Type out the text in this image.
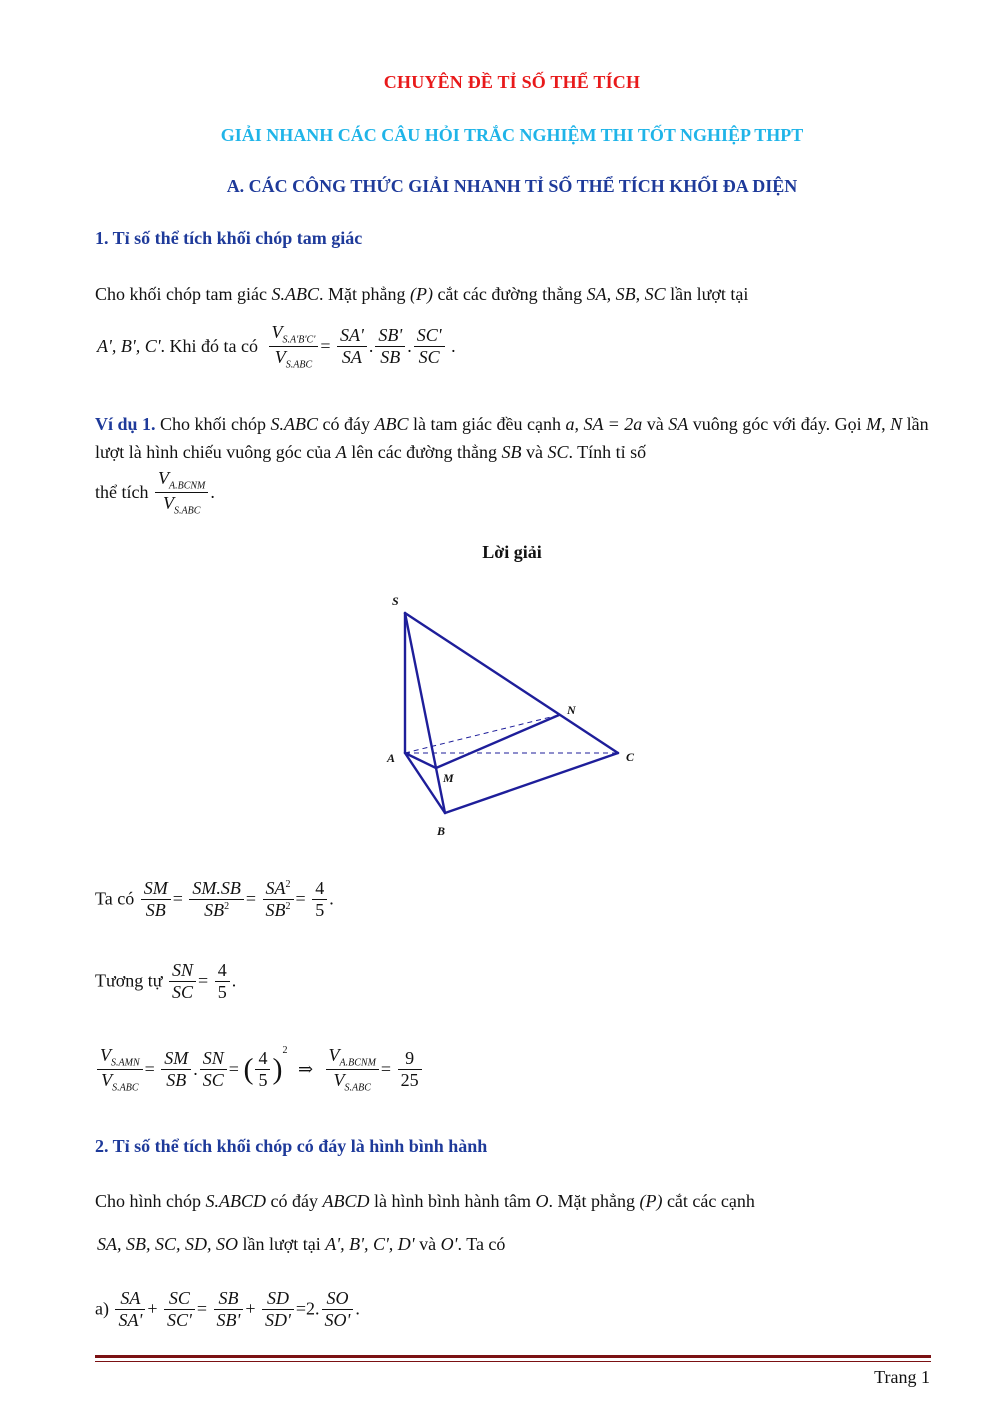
CHUYÊN ĐỀ TỈ SỐ THỂ TÍCH
GIẢI NHANH CÁC CÂU HỎI TRẮC NGHIỆM THI TỐT NGHIỆP THPT
A. CÁC CÔNG THỨC GIẢI NHANH TỈ SỐ THỂ TÍCH KHỐI ĐA DIỆN
1. Tỉ số thể tích khối chóp tam giác
Cho khối chóp tam giác S.ABC. Mặt phẳng (P) cắt các đường thẳng SA, SB, SC lần lượt tại
A', B', C'. Khi đó ta có $\frac{V_{S.A'B'C'}}{V_{S.ABC}} = \frac{SA'}{SA}$ . $\frac{SB'}{SB}$ . $\frac{SC'}{SC}$ .
Ví dụ 1. Cho khối chóp S.ABC có đáy ABC là tam giác đều cạnh a, SA = 2a và SA vuông góc với đáy. Gọi M, N lần lượt là hình chiếu vuông góc của A lên các đường thẳng SB và SC. Tính tỉ số
thể tích $\frac{V_{A.BCNM}}{V_{S.ABC}}$ .
Lời giải
S
N
A	C
M
B
Ta có $\frac{SM}{SB} = \frac{SM.SB}{SB^2} = \frac{SA^2}{SB^2} = \frac{4}{5}$ .
Tương tự $\frac{SN}{SC} = \frac{4}{5}$ .
$\frac{V_{S.AMN}}{V_{S.ABC}} = \frac{SM}{SB}$ . $\frac{SN}{SC}$ = ( $\frac{4}{5} )^2$ ⇒ $\frac{V_{A.BCNM}}{V_{S.ABC}} = \frac{9}{25}$
2. Tỉ số thể tích khối chóp có đáy là hình bình hành
Cho hình chóp S.ABCD có đáy ABCD là hình bình hành tâm O. Mặt phẳng (P) cắt các cạnh
SA, SB, SC, SD, SO lần lượt tại A', B', C', D' và O'. Ta có
$a) \frac{SA}{SA'} + \frac{SC}{SC'} = \frac{SB}{SB'} + \frac{SD}{SD'} =2$. $\frac{SO}{SO'}$ .
Trang 1
